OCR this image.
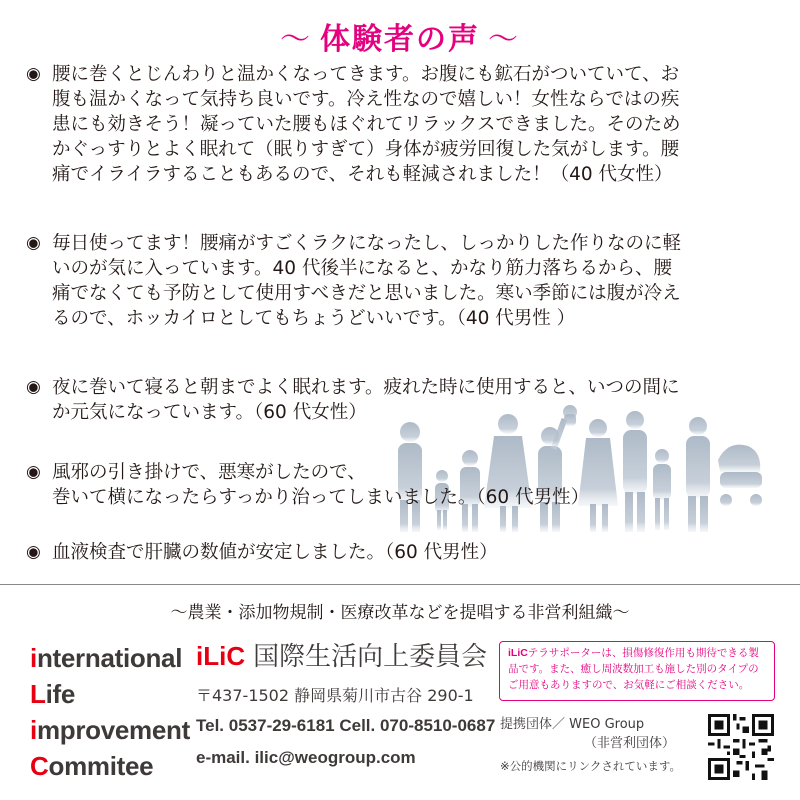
〜 体験者の声 〜
◉ 腰に巻くとじんわりと温かくなってきます。お腹にも鉱石がついていて、お
腹も温かくなって気持ち良いです。冷え性なので嬉しい！女性ならではの疾
患にも効きそう！凝っていた腰もほぐれてリラックスできました。そのため
かぐっすりとよく眠れて（眠りすぎて）身体が疲労回復した気がします。腰
痛でイライラすることもあるので、それも軽減されました！（40 代女性）
◉ 毎日使ってます！腰痛がすごくラクになったし、しっかりした作りなのに軽
いのが気に入っています。40 代後半になると、かなり筋力落ちるから、腰
痛でなくても予防として使用すべきだと思いました。寒い季節には腹が冷え
るので、ホッカイロとしてもちょうどいいです。（40 代男性 ）
◉ 夜に巻いて寝ると朝までよく眠れます。疲れた時に使用すると、いつの間に
か元気になっています。（60 代女性）
◉ 風邪の引き掛けで、悪寒がしたので、
巻いて横になったらすっかり治ってしまいました。（60 代男性）
◉ 血液検査で肝臓の数値が安定しました。（60 代男性）
〜農業・添加物規制・医療改革などを提唱する非営利組織〜
international
Life
improvement
Commitee
iLiC 国際生活向上委員会
〒437-1502 静岡県菊川市古谷 290-1
Tel. 0537-29-6181 Cell. 070-8510-0687
e-mail. ilic@weogroup.com
iLiCテラサポーターは、損傷修復作用も期待できる製
品です。また、癒し周波数加工も施した別のタイプの
ご用意もありますので、お気軽にご相談ください。
提携団体／ WEO Group
（非営利団体）
※公的機関にリンクされています。
